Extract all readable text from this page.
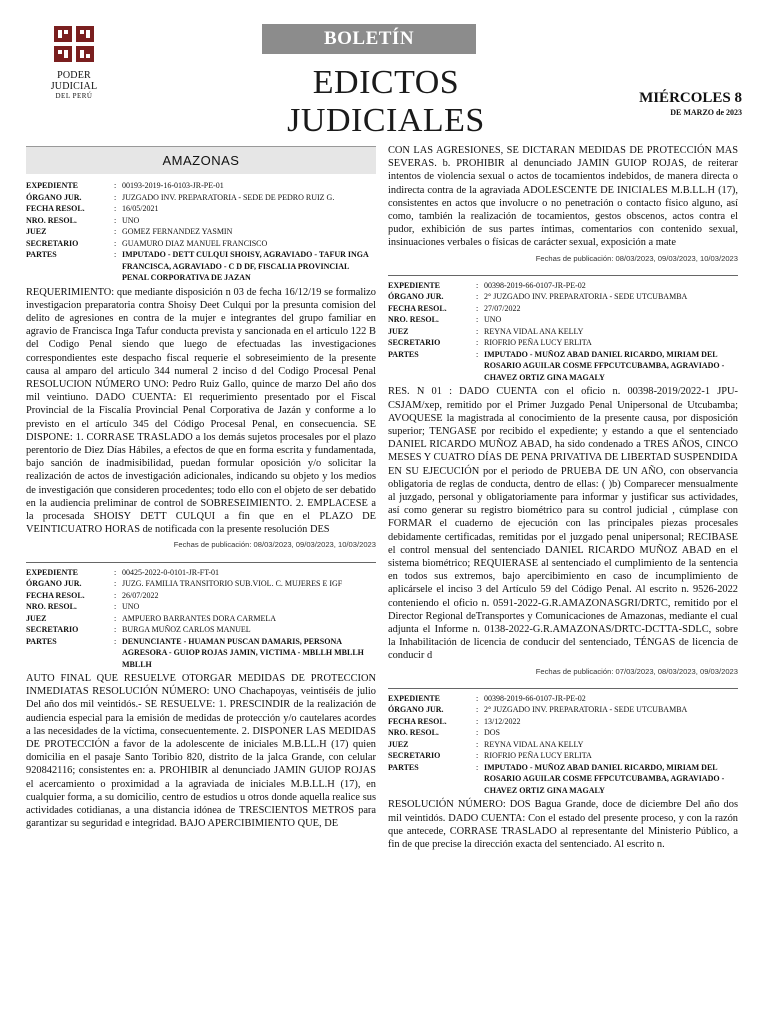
PODER JUDICIAL
DEL PERÚ
BOLETÍN
EDICTOS JUDICIALES
MIÉRCOLES 8
DE MARZO de 2023
AMAZONAS
EXPEDIENTE	:	00193-2019-16-0103-JR-PE-01
ÓRGANO JUR.	:	JUZGADO INV. PREPARATORIA - SEDE DE PEDRO RUIZ G.
FECHA RESOL.	:	16/05/2021
NRO. RESOL.	:	UNO
JUEZ	:	GOMEZ FERNANDEZ YASMIN
SECRETARIO	:	GUAMURO DIAZ MANUEL FRANCISCO
PARTES	:	IMPUTADO - DETT CULQUI SHOISY, AGRAVIADO - TAFUR INGA FRANCISCA, AGRAVIADO - C D DF, FISCALIA PROVINCIAL PENAL CORPORATIVA DE JAZAN

REQUERIMIENTO: que mediante disposición n 03 de fecha 16/12/19 se formalizo investigacion preparatoria contra Shoisy Deet Culqui por la presunta comision del delito de agresiones en contra de la mujer e integrantes del grupo familiar en agravio de Francisca Inga Tafur conducta prevista y sancionada en el articulo 122 B del Codigo Penal siendo que luego de efectuadas las investigaciones correspondientes este despacho fiscal requerie el sobreseimiento de la presente causa al amparo del articulo 344 numeral 2 inciso d del Codigo Procesal Penal RESOLUCION NÚMERO UNO: Pedro Ruiz Gallo, quince de marzo Del año dos mil veintiuno. DADO CUENTA: El requerimiento presentado por el Fiscal Provincial de la Fiscalía Provincial Penal Corporativa de Jazán y conforme a lo previsto en el artículo 345 del Código Procesal Penal, en consecuencia. SE DISPONE: 1. CORRASE TRASLADO a los demás sujetos procesales por el plazo perentorio de Diez Días Hábiles, a efectos de que en forma escrita y fundamentada, bajo sanción de inadmisibilidad, puedan formular oposición y/o solicitar la realización de actos de investigación adicionales, indicando su objeto y los medios de investigación que consideren procedentes; todo ello con el objeto de ser debatido en la audiencia preliminar de control de SOBRESEIMIENTO. 2. EMPLACESE a la procesada SHOISY DETT CULQUI a fin que en el PLAZO DE VEINTICUATRO HORAS de notificada con la presente resolución DES

Fechas de publicación: 08/03/2023, 09/03/2023, 10/03/2023
EXPEDIENTE	:	00425-2022-0-0101-JR-FT-01
ÓRGANO JUR.	:	JUZG. FAMILIA TRANSITORIO SUB.VIOL. C. MUJERES E IGF
FECHA RESOL.	:	26/07/2022
NRO. RESOL.	:	UNO
JUEZ	:	AMPUERO BARRANTES DORA CARMELA
SECRETARIO	:	BURGA MUÑOZ CARLOS MANUEL
PARTES	:	DENUNCIANTE - HUAMAN PUSCAN DAMARIS, PERSONA AGRESORA - GUIOP ROJAS JAMIN, VICTIMA - MBLLH MBLLH MBLLH

AUTO FINAL QUE RESUELVE OTORGAR MEDIDAS DE PROTECCION INMEDIATAS RESOLUCIÓN NÚMERO: UNO Chachapoyas, veintiséis de julio Del año dos mil veintidós.- SE RESUELVE: 1. PRESCINDIR de la realización de audiencia especial para la emisión de medidas de protección y/o cautelares acordes a las necesidades de la víctima, consecuentemente. 2. DISPONER LAS MEDIDAS DE PROTECCIÓN a favor de la adolescente de iniciales M.B.LL.H (17) quien domicilia en el pasaje Santo Toribio 820, distrito de la jalca Grande, con celular 920842116; consistentes en: a. PROHIBIR al denunciado JAMIN GUIOP ROJAS el acercamiento o proximidad a la agraviada de iniciales M.B.LL.H (17), en cualquier forma, a su domicilio, centro de estudios u otros donde aquella realice sus actividades cotidianas, a una distancia idónea de TRESCIENTOS METROS para garantizar su seguridad e integridad. BAJO APERCIBIMIENTO QUE, DE

CON LAS AGRESIONES, SE DICTARAN MEDIDAS DE PROTECCIÓN MAS SEVERAS. b. PROHIBIR al denunciado JAMIN GUIOP ROJAS, de reiterar intentos de violencia sexual o actos de tocamientos indebidos, de manera directa o indirecta contra de la agraviada ADOLESCENTE DE INICIALES M.B.LL.H (17), consistentes en actos que involucre o no penetración o contacto físico alguno, así como, también la realización de tocamientos, gestos obscenos, actos contra el pudor, exhibición de sus partes íntimas, comentarios con contenido sexual, insinuaciones verbales o físicas de carácter sexual, exposición a mate

Fechas de publicación: 08/03/2023, 09/03/2023, 10/03/2023
EXPEDIENTE	:	00398-2019-66-0107-JR-PE-02
ÓRGANO JUR.	:	2° JUZGADO INV. PREPARATORIA - SEDE UTCUBAMBA
FECHA RESOL.	:	27/07/2022
NRO. RESOL.	:	UNO
JUEZ	:	REYNA VIDAL ANA KELLY
SECRETARIO	:	RIOFRIO PEÑA LUCY ERLITA
PARTES	:	IMPUTADO - MUÑOZ ABAD DANIEL RICARDO, MIRIAM DEL ROSARIO AGUILAR COSME FFPCUTCUBAMBA, AGRAVIADO - CHAVEZ ORTIZ GINA MAGALY

RES. N 01 : DADO CUENTA con el oficio n. 00398-2019/2022-1 JPU-CSJAM/xep, remitido por el Primer Juzgado Penal Unipersonal de Utcubamba; AVOQUESE la magistrada al conocimiento de la presente causa, por disposición superior; TENGASE por recibido el expediente; y estando a que el sentenciado DANIEL RICARDO MUÑOZ ABAD, ha sido condenado a TRES AÑOS, CINCO MESES Y CUATRO DÍAS DE PENA PRIVATIVA DE LIBERTAD SUSPENDIDA EN SU EJECUCIÓN por el periodo de PRUEBA DE UN AÑO, con observancia obligatoria de reglas de conducta, dentro de ellas: ( )b) Comparecer mensualmente al juzgado, personal y obligatoriamente para informar y justificar sus actividades, así como generar su registro biométrico para su control judicial , cúmplase con FORMAR el cuaderno de ejecución con las principales piezas procesales debidamente certificadas, remitidas por el juzgado penal unipersonal; RECIBASE el control mensual del sentenciado DANIEL RICARDO MUÑOZ ABAD en el sistema biométrico; REQUIERASE al sentenciado el cumplimiento de la sentencia en todos sus extremos, bajo apercibimiento en caso de incumplimiento de aplicársele el inciso 3 del Artículo 59 del Código Penal. Al escrito n. 9526-2022 conteniendo el oficio n. 0591-2022-G.R.AMAZONASGRI/DRTC, remitido por el Director Regional deTransportes y Comunicaciones de Amazonas, mediante el cual adjunta el Informe n. 0138-2022-G.R.AMAZONAS/DRTC-DCTTA-SDLC, sobre la Inhabilitación de licencia de conducir del sentenciado, TÉNGAS de licencia de conducir d

Fechas de publicación: 07/03/2023, 08/03/2023, 09/03/2023
EXPEDIENTE	:	00398-2019-66-0107-JR-PE-02
ÓRGANO JUR.	:	2° JUZGADO INV. PREPARATORIA - SEDE UTCUBAMBA
FECHA RESOL.	:	13/12/2022
NRO. RESOL.	:	DOS
JUEZ	:	REYNA VIDAL ANA KELLY
SECRETARIO	:	RIOFRIO PEÑA LUCY ERLITA
PARTES	:	IMPUTADO - MUÑOZ ABAD DANIEL RICARDO, MIRIAM DEL ROSARIO AGUILAR COSME FFPCUTCUBAMBA, AGRAVIADO - CHAVEZ ORTIZ GINA MAGALY

RESOLUCIÓN NÚMERO: DOS Bagua Grande, doce de diciembre Del año dos mil veintidós. DADO CUENTA: Con el estado del presente proceso, y con la razón que antecede, CORRASE TRASLADO al representante del Ministerio Público, a fin de que precise la dirección exacta del sentenciado. Al escrito n.
